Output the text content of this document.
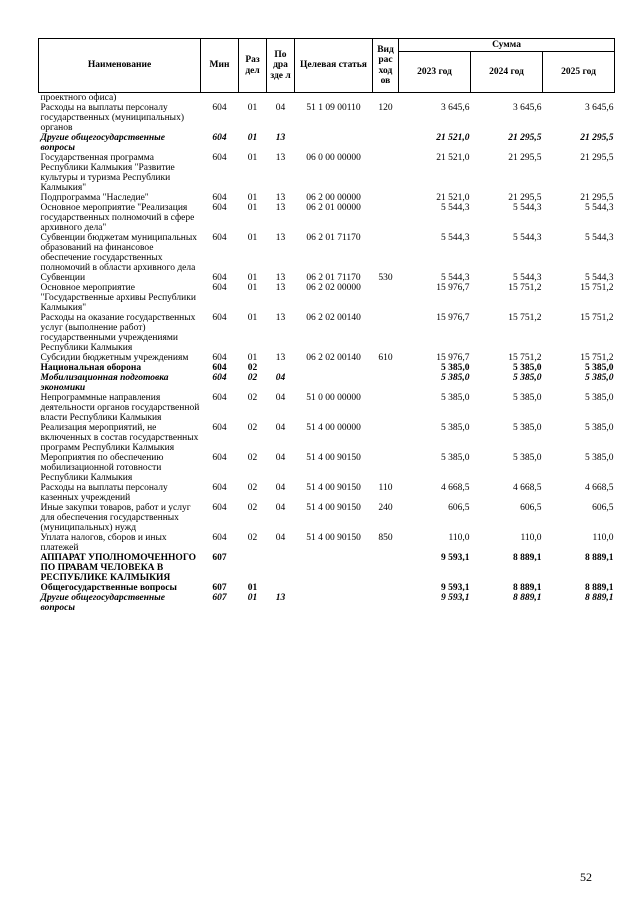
Наименование	Мин	Раз дел	По дра зде л	Целевая статья	Вид рас ход ов	Сумма		
						2023 год	2024 год	2025 год
проектного офиса)								
Расходы на выплаты персоналу государственных (муниципальных) органов	604	01	04	51 1 09 00110	120	3 645,6	3 645,6	3 645,6
Другие общегосударственные вопросы	604	01	13			21 521,0	21 295,5	21 295,5
Государственная программа Республики Калмыкия "Развитие культуры и туризма Республики Калмыкия"	604	01	13	06 0 00 00000		21 521,0	21 295,5	21 295,5
Подпрограмма "Наследие"	604	01	13	06 2 00 00000		21 521,0	21 295,5	21 295,5
Основное мероприятие "Реализация государственных полномочий в сфере архивного дела"	604	01	13	06 2 01 00000		5 544,3	5 544,3	5 544,3
Субвенции бюджетам муниципальных образований на финансовое обеспечение государственных полномочий в области архивного дела	604	01	13	06 2 01 71170		5 544,3	5 544,3	5 544,3
Субвенции	604	01	13	06 2 01 71170	530	5 544,3	5 544,3	5 544,3
Основное мероприятие "Государственные архивы Республики Калмыкия"	604	01	13	06 2 02 00000		15 976,7	15 751,2	15 751,2
Расходы на оказание государственных услуг (выполнение работ) государственными учреждениями Республики Калмыкия	604	01	13	06 2 02 00140		15 976,7	15 751,2	15 751,2
Субсидии бюджетным учреждениям	604	01	13	06 2 02 00140	610	15 976,7	15 751,2	15 751,2
Национальная оборона	604	02				5 385,0	5 385,0	5 385,0
Мобилизационная подготовка экономики	604	02	04			5 385,0	5 385,0	5 385,0
Непрограммные направления деятельности органов государственной власти Республики Калмыкия	604	02	04	51 0 00 00000		5 385,0	5 385,0	5 385,0
Реализация мероприятий, не включенных в состав государственных программ Республики Калмыкия	604	02	04	51 4 00 00000		5 385,0	5 385,0	5 385,0
Мероприятия по обеспечению мобилизационной готовности Республики Калмыкия	604	02	04	51 4 00 90150		5 385,0	5 385,0	5 385,0
Расходы на выплаты персоналу казенных учреждений	604	02	04	51 4 00 90150	110	4 668,5	4 668,5	4 668,5
Иные закупки товаров, работ и услуг для обеспечения государственных (муниципальных) нужд	604	02	04	51 4 00 90150	240	606,5	606,5	606,5
Уплата налогов, сборов и иных платежей	604	02	04	51 4 00 90150	850	110,0	110,0	110,0
АППАРАТ УПОЛНОМОЧЕННОГО ПО ПРАВАМ ЧЕЛОВЕКА В РЕСПУБЛИКЕ КАЛМЫКИЯ	607					9 593,1	8 889,1	8 889,1
Общегосударственные вопросы	607	01				9 593,1	8 889,1	8 889,1
Другие общегосударственные вопросы	607	01	13			9 593,1	8 889,1	8 889,1
52
